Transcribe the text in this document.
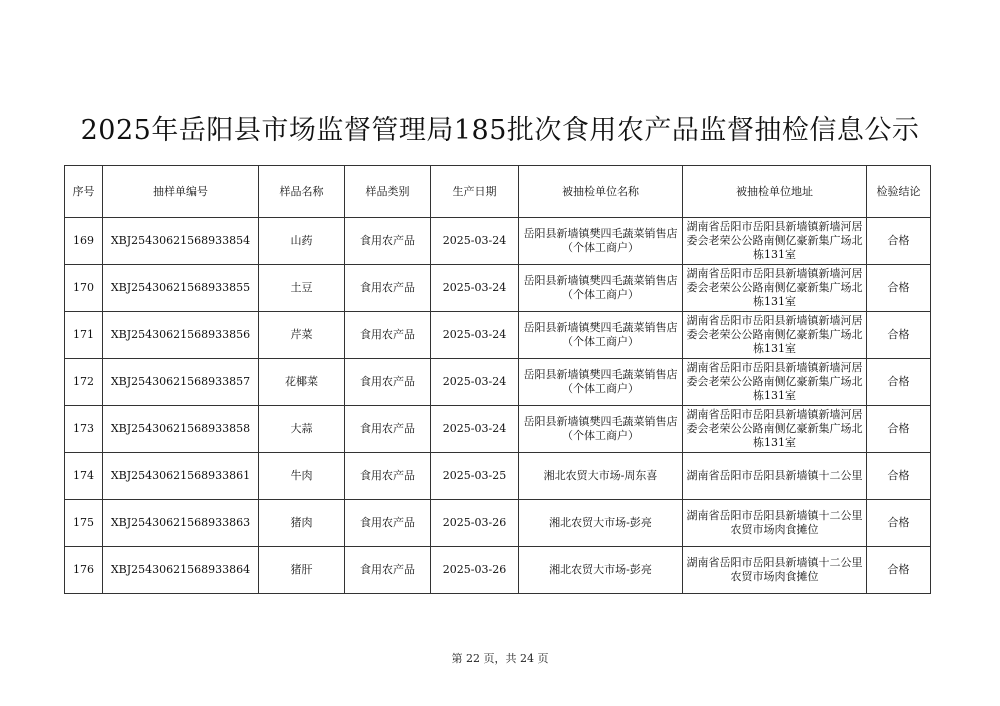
2025年岳阳县市场监督管理局185批次食用农产品监督抽检信息公示
序号	抽样单编号	样品名称	样品类别	生产日期	被抽检单位名称	被抽检单位地址	检验结论
169	XBJ25430621568933854	山药	食用农产品	2025-03-24	岳阳县新墙镇樊四毛蔬菜销售店（个体工商户）	湖南省岳阳市岳阳县新墙镇新墙河居委会老荣公公路南侧亿豪新集广场北栋131室	合格
170	XBJ25430621568933855	土豆	食用农产品	2025-03-24	岳阳县新墙镇樊四毛蔬菜销售店（个体工商户）	湖南省岳阳市岳阳县新墙镇新墙河居委会老荣公公路南侧亿豪新集广场北栋131室	合格
171	XBJ25430621568933856	芹菜	食用农产品	2025-03-24	岳阳县新墙镇樊四毛蔬菜销售店（个体工商户）	湖南省岳阳市岳阳县新墙镇新墙河居委会老荣公公路南侧亿豪新集广场北栋131室	合格
172	XBJ25430621568933857	花椰菜	食用农产品	2025-03-24	岳阳县新墙镇樊四毛蔬菜销售店（个体工商户）	湖南省岳阳市岳阳县新墙镇新墙河居委会老荣公公路南侧亿豪新集广场北栋131室	合格
173	XBJ25430621568933858	大蒜	食用农产品	2025-03-24	岳阳县新墙镇樊四毛蔬菜销售店（个体工商户）	湖南省岳阳市岳阳县新墙镇新墙河居委会老荣公公路南侧亿豪新集广场北栋131室	合格
174	XBJ25430621568933861	牛肉	食用农产品	2025-03-25	湘北农贸大市场-周东喜	湖南省岳阳市岳阳县新墙镇十二公里	合格
175	XBJ25430621568933863	猪肉	食用农产品	2025-03-26	湘北农贸大市场-彭亮	湖南省岳阳市岳阳县新墙镇十二公里农贸市场肉食摊位	合格
176	XBJ25430621568933864	猪肝	食用农产品	2025-03-26	湘北农贸大市场-彭亮	湖南省岳阳市岳阳县新墙镇十二公里农贸市场肉食摊位	合格
第 22 页，共 24 页
